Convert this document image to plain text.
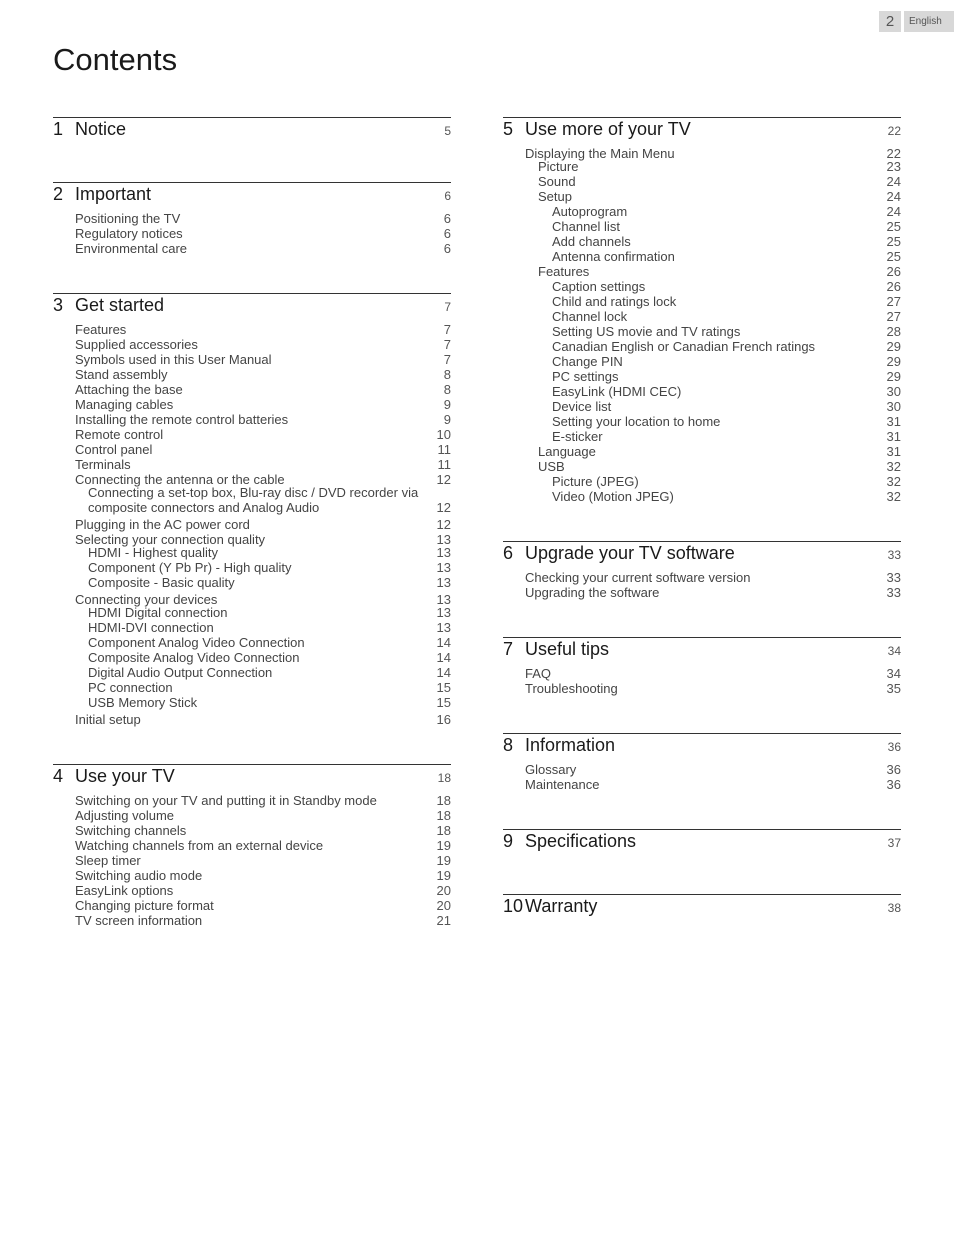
2	English
Contents
1 Notice	5
2 Important	6
Positioning the TV	6
Regulatory notices	6
Environmental care	6
3 Get started	7
Features	7
Supplied accessories	7
Symbols used in this User Manual	7
Stand assembly	8
Attaching the base	8
Managing cables	9
Installing the remote control batteries	9
Remote control	10
Control panel	11
Terminals	11
Connecting the antenna or the cable	12
Connecting a set-top box, Blu-ray disc / DVD recorder via
composite connectors and Analog Audio	12
Plugging in the AC power cord	12
Selecting your connection quality	13
HDMI - Highest quality	13
Component (Y Pb Pr) - High quality	13
Composite - Basic quality	13
Connecting your devices	13
HDMI Digital connection	13
HDMI-DVI connection	13
Component Analog Video Connection	14
Composite Analog Video Connection	14
Digital Audio Output Connection	14
PC connection	15
USB Memory Stick	15
Initial setup	16
4 Use your TV	18
Switching on your TV and putting it in Standby mode	18
Adjusting volume	18
Switching channels	18
Watching channels from an external device	19
Sleep timer	19
Switching audio mode	19
EasyLink options	20
Changing picture format	20
TV screen information	21
5 Use more of your TV	22
Displaying the Main Menu	22
Picture	23
Sound	24
Setup	24
Autoprogram	24
Channel list	25
Add channels	25
Antenna confirmation	25
Features	26
Caption settings	26
Child and ratings lock	27
Channel lock	27
Setting US movie and TV ratings	28
Canadian English or Canadian French ratings	29
Change PIN	29
PC settings	29
EasyLink (HDMI CEC)	30
Device list	30
Setting your location to home	31
E-sticker	31
Language	31
USB	32
Picture (JPEG)	32
Video (Motion JPEG)	32
6 Upgrade your TV software	33
Checking your current software version	33
Upgrading the software	33
7 Useful tips	34
FAQ	34
Troubleshooting	35
8 Information	36
Glossary	36
Maintenance	36
9 Specifications	37
10 Warranty	38
